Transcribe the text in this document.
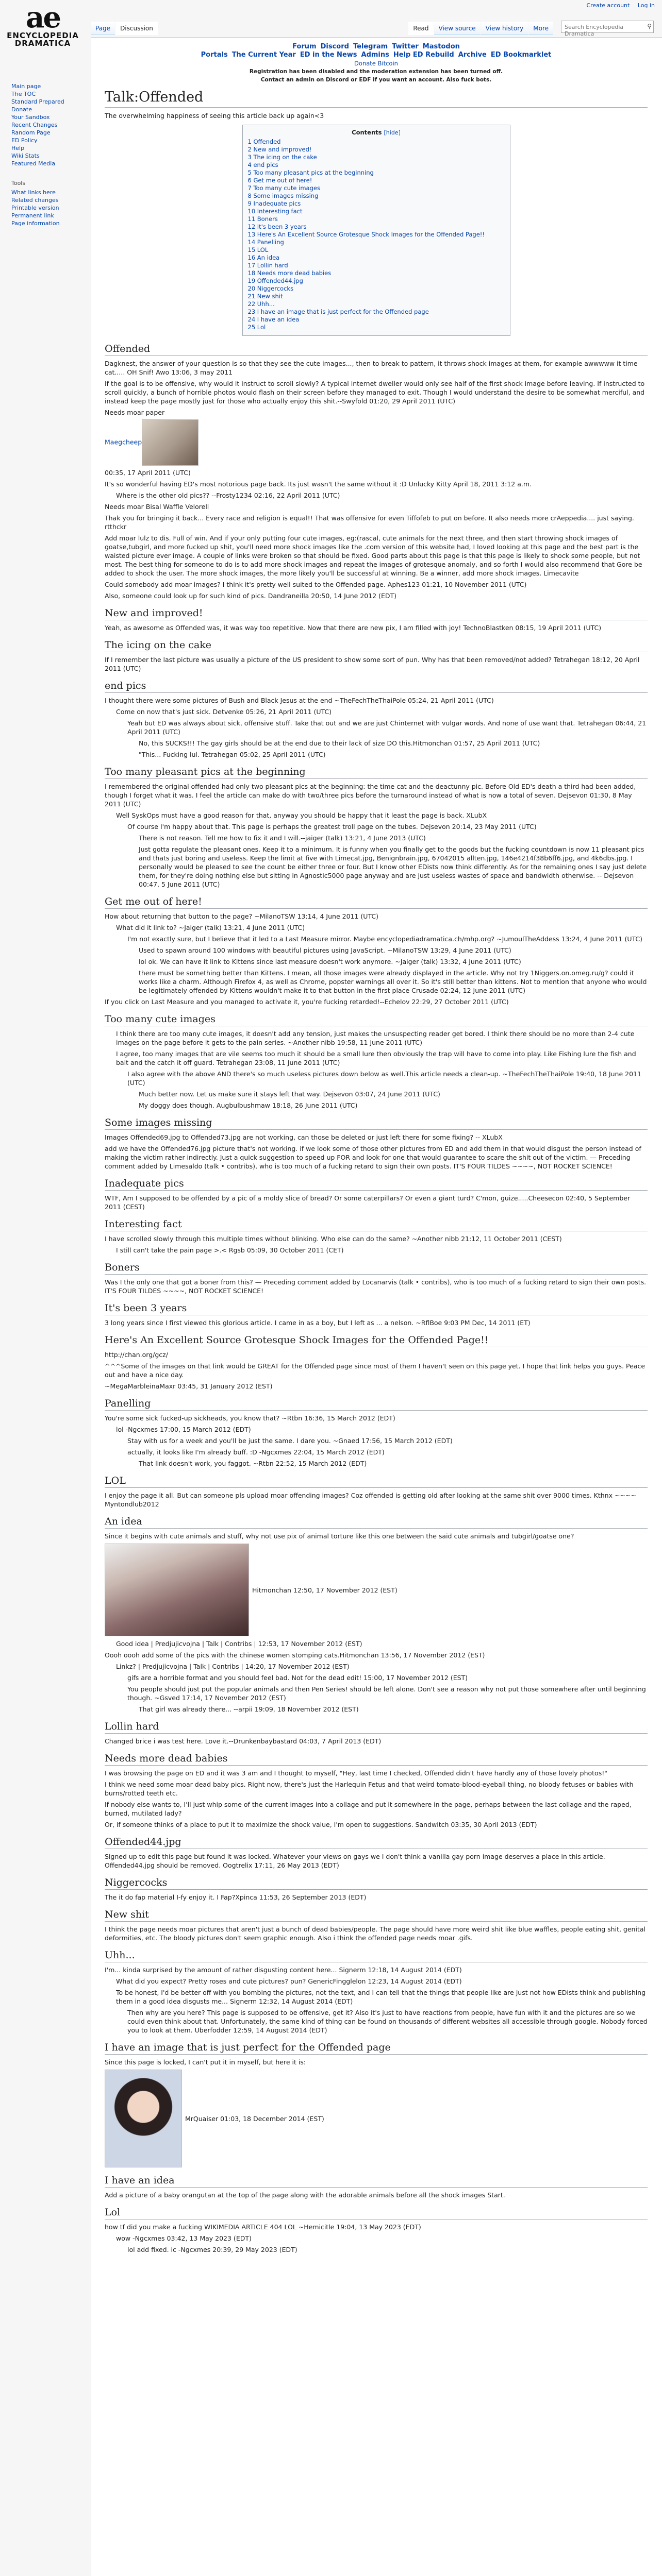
ae
ENCYCLOPEDIA DRAMATICA
Create account Log in
Page	Discussion	Read	View source	View history	More	Search Encyclopedia Dramatica
⚲
Main page
The TOC
Standard Prepared
Donate
Your Sandbox
Recent Changes
Random Page
ED Policy
Help
Wiki Stats
Featured Media
Tools
What links here
Related changes
Printable version
Permanent link
Page information
Forum Discord Telegram Twitter Mastodon
Portals The Current Year ED in the News Admins Help ED Rebuild Archive ED Bookmarklet
Donate Bitcoin
Registration has been disabled and the moderation extension has been turned off.
Contact an admin on Discord or EDF if you want an account. Also fuck bots.
Talk:Offended

The overwhelming happiness of seeing this article back up again<3

Contents [hide]
1 Offended
2 New and improved!
3 The icing on the cake
4 end pics
5 Too many pleasant pics at the beginning
6 Get me out of here!
7 Too many cute images
8 Some images missing
9 Inadequate pics
10 Interesting fact
11 Boners
12 It's been 3 years
13 Here's An Excellent Source Grotesque Shock Images for the Offended Page!!
14 Panelling
15 LOL
16 An idea
17 Lollin hard
18 Needs more dead babies
19 Offended44.jpg
20 Niggercocks
21 New shit
22 Uhh...
23 I have an image that is just perfect for the Offended page
24 I have an idea
25 Lol
Offended

Dagknest, the answer of your question is so that they see the cute images..., then to break to pattern, it throws shock images at them, for example awwwww it time cat..... OH Snif! Awo 13:06, 3 may 2011

If the goal is to be offensive, why would it instruct to scroll slowly? A typical internet dweller would only see half of the first shock image before leaving. If instructed to scroll quickly, a bunch of horrible photos would flash on their screen before they managed to exit. Though I would understand the desire to be somewhat merciful, and instead keep the page mostly just for those who actually enjoy this shit.--Swyfold 01:20, 29 April 2011 (UTC)

Needs moar paper

Maegcheep

00:35, 17 April 2011 (UTC)

It's so wonderful having ED's most notorious page back. Its just wasn't the same without it :D Unlucky Kitty April 18, 2011 3:12 a.m.

Where is the other old pics?? --Frosty1234 02:16, 22 April 2011 (UTC)

Needs moar Bisal Waffle Velorell

Thak you for bringing it back... Every race and religion is equal!! That was offensive for even Tiffofeb to put on before. It also needs more crAeppedia.... just saying. rtthckr

Add moar lulz to dis. Full of win. And if your only putting four cute images, eg:(rascal, cute animals for the next three, and then start throwing shock images of goatse,tubgirl, and more fucked up shit, you'll need more shock images like the .com version of this website had, I loved looking at this page and the best part is the waisted picture ever image. A couple of links were broken so that should be fixed. Good parts about this page is that this page is likely to shock some people, but not most. The best thing for someone to do is to add more shock images and repeat the images of grotesque anomaly, and so forth I would also recommend that Gore be added to shock the user. The more shock images, the more likely you'll be successful at winning. Be a winner, add more shock images. Limecavite

Could somebody add moar images? I think it's pretty well suited to the Offended page. Aphes123 01:21, 10 November 2011 (UTC)

Also, someone could look up for such kind of pics. Dandraneilla 20:50, 14 June 2012 (EDT)

New and improved!

Yeah, as awesome as Offended was, it was way too repetitive. Now that there are new pix, I am filled with joy! TechnoBlastken 08:15, 19 April 2011 (UTC)

The icing on the cake

If I remember the last picture was usually a picture of the US president to show some sort of pun. Why has that been removed/not added? Tetrahegan 18:12, 20 April 2011 (UTC)

end pics

I thought there were some pictures of Bush and Black Jesus at the end ~TheFechTheThaiPole 05:24, 21 April 2011 (UTC)

Come on now that's just sick. Detvenke 05:26, 21 April 2011 (UTC)

Yeah but ED was always about sick, offensive stuff. Take that out and we are just Chinternet with vulgar words. And none of use want that. Tetrahegan 06:44, 21 April 2011 (UTC)

No, this SUCKS!!! The gay girls should be at the end due to their lack of size DO this.Hitmonchan 01:57, 25 April 2011 (UTC)

"This... Fucking lul. Tetrahegan 05:02, 25 April 2011 (UTC)

Too many pleasant pics at the beginning

I remembered the original offended had only two pleasant pics at the beginning: the time cat and the deactunny pic. Before Old ED's death a third had been added, though I forget what it was. I feel the article can make do with two/three pics before the turnaround instead of what is now a total of seven. Dejsevon 01:30, 8 May 2011 (UTC)

Well SyskOps must have a good reason for that, anyway you should be happy that it least the page is back. XLubX

Of course I'm happy about that. This page is perhaps the greatest troll page on the tubes. Dejsevon 20:14, 23 May 2011 (UTC)

There is not reason. Tell me how to fix it and I will.--jaiger (talk) 13:21, 4 June 2013 (UTC)

Just gotta regulate the pleasant ones. Keep it to a minimum. It is funny when you finally get to the goods but the fucking countdown is now 11 pleasant pics and thats just boring and useless. Keep the limit at five with Limecat.jpg, Benignbrain.jpg, 67042015 allten.jpg, 146e4214f38b6ff6.jpg, and 4k6dbs.jpg. I personally would be pleased to see the count be either three or four. But I know other EDists now think differently. As for the remaining ones I say just delete them, for they're doing nothing else but sitting in Agnostic5000 page anyway and are just useless wastes of space and bandwidth otherwise. -- Dejsevon 00:47, 5 June 2011 (UTC)

Get me out of here!

How about returning that button to the page? ~MilanoTSW 13:14, 4 June 2011 (UTC)

What did it link to? ~Jaiger (talk) 13:21, 4 June 2011 (UTC)

I'm not exactly sure, but I believe that it led to a Last Measure mirror. Maybe encyclopediadramatica.ch/mhp.org? ~JumoulTheAddess 13:24, 4 June 2011 (UTC)

Used to spawn around 100 windows with beautiful pictures using JavaScript. ~MilanoTSW 13:29, 4 June 2011 (UTC)

lol ok. We can have it link to Kittens since last measure doesn't work anymore. ~Jaiger (talk) 13:32, 4 June 2011 (UTC)

there must be something better than Kittens. I mean, all those images were already displayed in the article. Why not try 1Niggers.on.omeg.ru/g? could it works like a charm. Although Firefox 4, as well as Chrome, popster warnings all over it. So it's still better than kittens. Not to mention that anyone who would be legitimately offended by Kittens wouldn't make it to that button in the first place Crusade 02:24, 12 June 2011 (UTC)

If you click on Last Measure and you managed to activate it, you're fucking retarded!--Echelov 22:29, 27 October 2011 (UTC)

Too many cute images

I think there are too many cute images, it doesn't add any tension, just makes the unsuspecting reader get bored. I think there should be no more than 2-4 cute images on the page before it gets to the pain series. ~Another nibb 19:58, 11 June 2011 (UTC)

I agree, too many images that are vile seems too much it should be a small lure then obviously the trap will have to come into play. Like Fishing lure the fish and bait and the catch it off guard. Tetrahegan 23:08, 11 June 2011 (UTC)

I also agree with the above AND there's so much useless pictures down below as well.This article needs a clean-up. ~TheFechTheThaiPole 19:40, 18 June 2011 (UTC)

Much better now. Let us make sure it stays left that way. Dejsevon 03:07, 24 June 2011 (UTC)

My doggy does though. Augbulbushmaw 18:18, 26 June 2011 (UTC)

Some images missing

Images Offended69.jpg to Offended73.jpg are not working, can those be deleted or just left there for some fixing? -- XLubX

add we have the Offended76.jpg picture that's not working. if we look some of those other pictures from ED and add them in that would disgust the person instead of making the victim rather indirectly. Just a quick suggestion to speed up FOR and look for one that would guarantee to scare the shit out of the victim. — Preceding comment added by Limesaldo (talk • contribs), who is too much of a fucking retard to sign their own posts. IT'S FOUR TILDES ~~~~, NOT ROCKET SCIENCE!

Inadequate pics

WTF, Am I supposed to be offended by a pic of a moldy slice of bread? Or some caterpillars? Or even a giant turd? C'mon, guize.....Cheesecon 02:40, 5 September 2011 (CEST)

Interesting fact

I have scrolled slowly through this multiple times without blinking. Who else can do the same? ~Another nibb 21:12, 11 October 2011 (CEST)

I still can't take the pain page >.< Rgsb 05:09, 30 October 2011 (CET)

Boners

Was I the only one that got a boner from this? — Preceding comment added by Locanarvis (talk • contribs), who is too much of a fucking retard to sign their own posts. IT'S FOUR TILDES ~~~~, NOT ROCKET SCIENCE!

It's been 3 years

3 long years since I first viewed this glorious article. I came in as a boy, but I left as ... a nelson. ~RflBoe 9:03 PM Dec, 14 2011 (ET)

Here's An Excellent Source Grotesque Shock Images for the Offended Page!!

http://chan.org/gcz/

^^^Some of the images on that link would be GREAT for the Offended page since most of them I haven't seen on this page yet. I hope that link helps you guys. Peace out and have a nice day.

~MegaMarbleinaMaxr 03:45, 31 January 2012 (EST)

Panelling

You're some sick fucked-up sickheads, you know that? ~Rtbn 16:36, 15 March 2012 (EDT)

lol -Ngcxmes 17:00, 15 March 2012 (EDT)

Stay with us for a week and you'll be just the same. I dare you. ~Gnaed 17:56, 15 March 2012 (EDT)

actually, it looks like I'm already buff. :D -Ngcxmes 22:04, 15 March 2012 (EDT)

That link doesn't work, you faggot. ~Rtbn 22:52, 15 March 2012 (EDT)

LOL

I enjoy the page it all. But can someone pls upload moar offending images? Coz offended is getting old after looking at the same shit over 9000 times. Kthnx ~~~~ Myntondlub2012

An idea

Since it begins with cute animals and stuff, why not use pix of animal torture like this one between the said cute animals and tubgirl/goatse one?

Hitmonchan 12:50, 17 November 2012 (EST)

Good idea | Predjujicvojna | Talk | Contribs | 12:53, 17 November 2012 (EST)

Oooh oooh add some of the pics with the chinese women stomping cats.Hitmonchan 13:56, 17 November 2012 (EST)

Linkz? | Predjujicvojna | Talk | Contribs | 14:20, 17 November 2012 (EST)

gifs are a horrible format and you should feel bad. Not for the dead edit! 15:00, 17 November 2012 (EST)

You people should just put the popular animals and then Pen Series! should be left alone. Don't see a reason why not put those somewhere after until beginning though. ~Gsved 17:14, 17 November 2012 (EST)

That girl was already there... --arpii 19:09, 18 November 2012 (EST)

Lollin hard

Changed brice i was test here. Love it.--Drunkenbaybastard 04:03, 7 April 2013 (EDT)

Needs more dead babies

I was browsing the page on ED and it was 3 am and I thought to myself, "Hey, last time I checked, Offended didn't have hardly any of those lovely photos!"

I think we need some moar dead baby pics. Right now, there's just the Harlequin Fetus and that weird tomato-blood-eyeball thing, no bloody fetuses or babies with burns/rotted teeth etc.

If nobody else wants to, I'll just whip some of the current images into a collage and put it somewhere in the page, perhaps between the last collage and the raped, burned, mutilated lady?

Or, if someone thinks of a place to put it to maximize the shock value, I'm open to suggestions. Sandwitch 03:35, 30 April 2013 (EDT)

Offended44.jpg

Signed up to edit this page but found it was locked. Whatever your views on gays we I don't think a vanilla gay porn image deserves a place in this article. Offended44.jpg should be removed. Oogtrelix 17:11, 26 May 2013 (EDT)

Niggercocks

The it do fap material I-fy enjoy it. I Fap?Xpinca 11:53, 26 September 2013 (EDT)

New shit

I think the page needs moar pictures that aren't just a bunch of dead babies/people. The page should have more weird shit like blue waffles, people eating shit, genital deformities, etc. The bloody pictures don't seem graphic enough. Also i think the offended page needs moar .gifs.

Uhh...

I'm... kinda surprised by the amount of rather disgusting content here... Signerm 12:18, 14 August 2014 (EDT)

What did you expect? Pretty roses and cute pictures? pun? GenericFingglelon 12:23, 14 August 2014 (EDT)

To be honest, I'd be better off with you bombing the pictures, not the text, and I can tell that the things that people like are just not how EDists think and publishing them in a good idea disgusts me... Signerm 12:32, 14 August 2014 (EDT)

Then why are you here? This page is supposed to be offensive, get it? Also it's just to have reactions from people, have fun with it and the pictures are so we could even think about that. Unfortunately, the same kind of thing can be found on thousands of different websites all accessible through google. Nobody forced you to look at them. Uberfodder 12:59, 14 August 2014 (EDT)

I have an image that is just perfect for the Offended page

Since this page is locked, I can't put it in myself, but here it is:

MrQuaiser 01:03, 18 December 2014 (EST)
I have an idea

Add a picture of a baby orangutan at the top of the page along with the adorable animals before all the shock images Start.

Lol

how tf did you make a fucking WIKIMEDIA ARTICLE 404 LOL ~Hemicitle 19:04, 13 May 2023 (EDT)

wow -Ngcxmes 03:42, 13 May 2023 (EDT)

lol add fixed. ic -Ngcxmes 20:39, 29 May 2023 (EDT)
